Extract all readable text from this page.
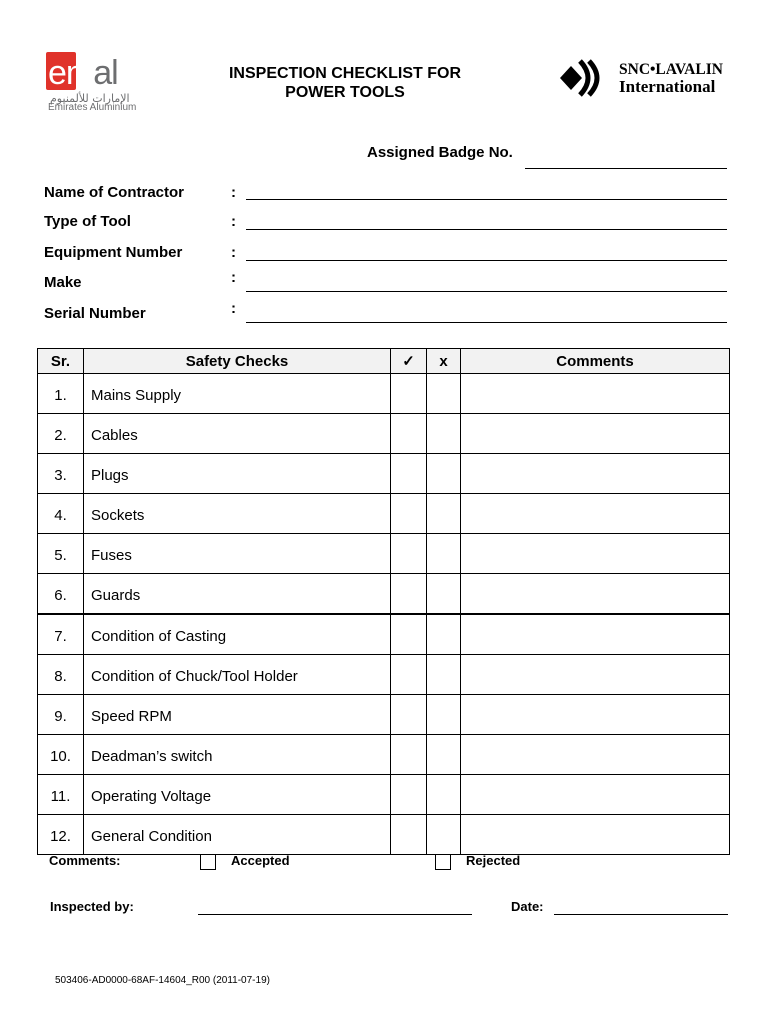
emal
الإمارات للألمنيوم
Emirates Aluminium
INSPECTION CHECKLIST FOR
POWER TOOLS
SNC•LAVALIN
International
Assigned Badge No.
Name of Contractor	:
Type of Tool	:
Equipment Number	:
Make	:
Serial Number	:
Sr.	Safety Checks	✓	x	Comments
1.	Mains Supply			
2.	Cables			
3.	Plugs			
4.	Sockets			
5.	Fuses			
6.	Guards			
7.	Condition of Casting			
8.	Condition of Chuck/Tool Holder			
9.	Speed RPM			
10.	Deadman’s switch			
11.	Operating Voltage			
12.	General Condition			
Comments:	Accepted	Rejected
Inspected by:	Date:
503406-AD0000-68AF-14604_R00 (2011-07-19)
